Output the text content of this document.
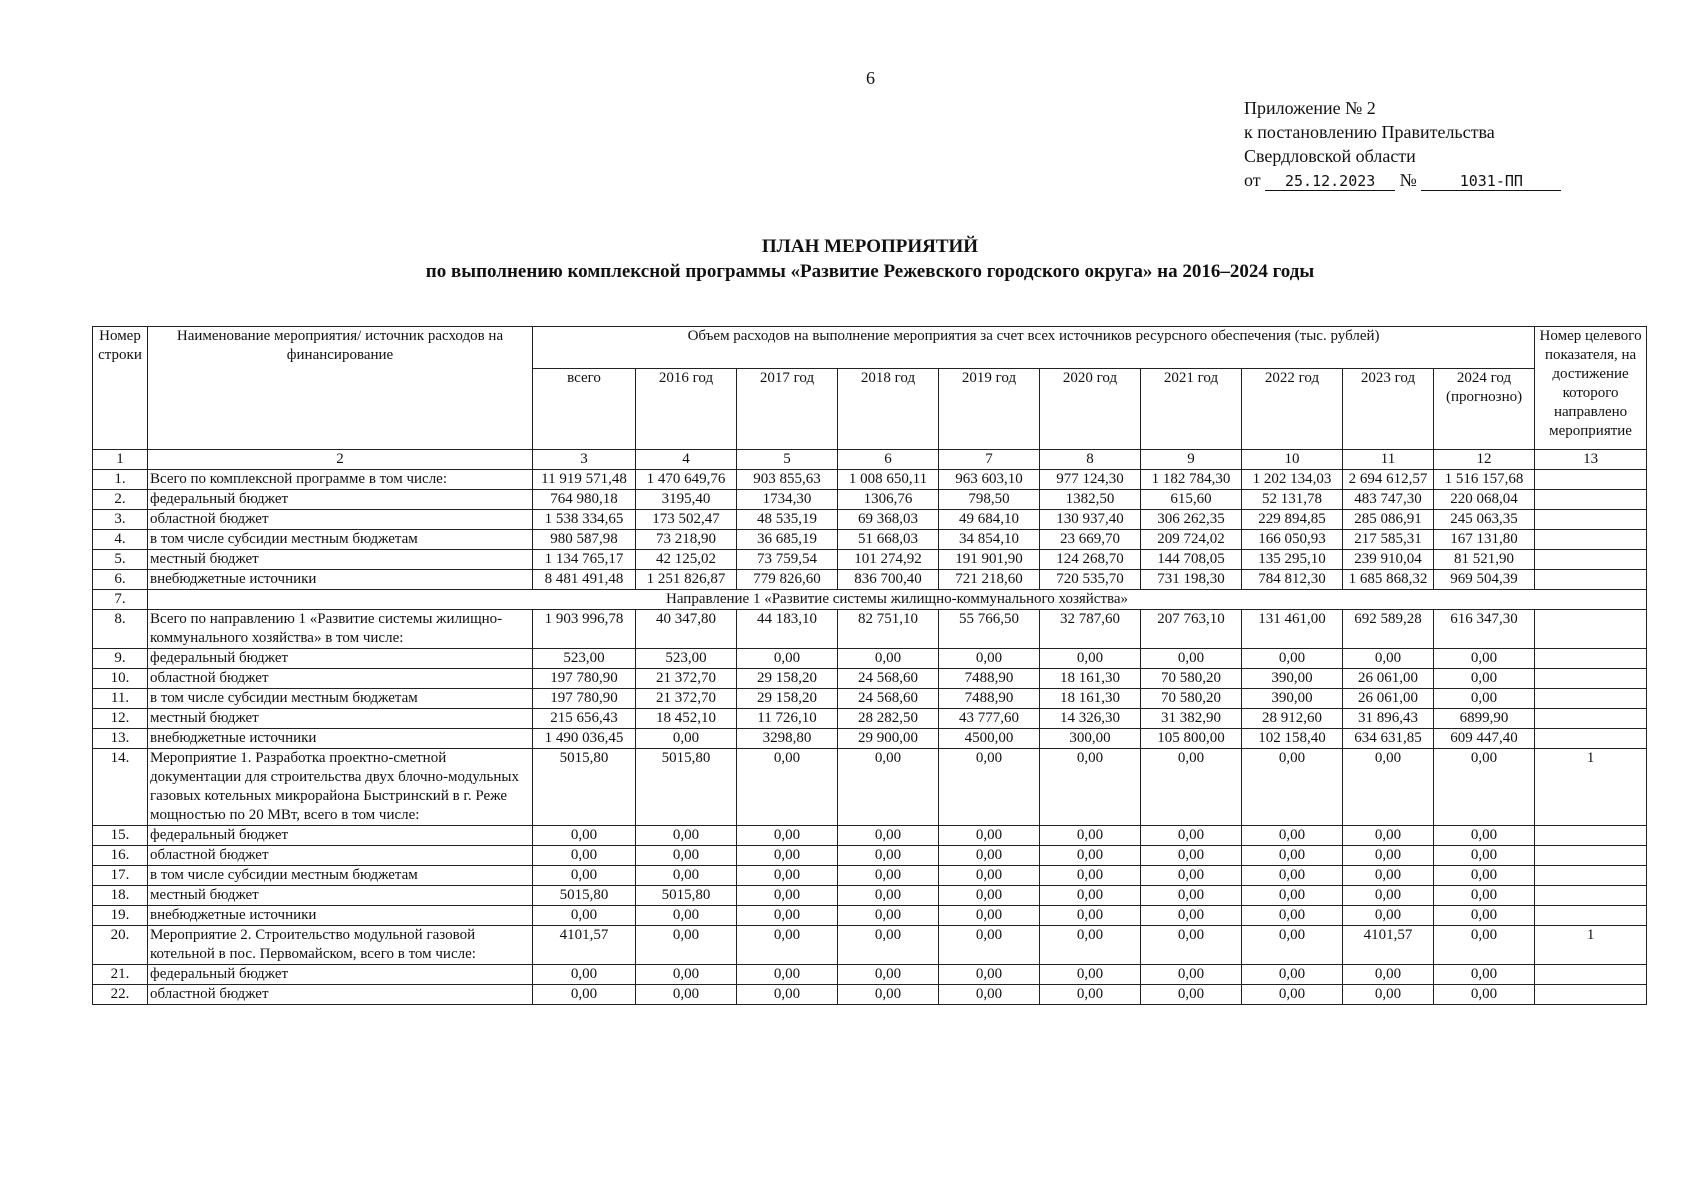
6
Приложение № 2
к постановлению Правительства
Свердловской области
от 25.12.2023 №	1031-ПП
ПЛАН МЕРОПРИЯТИЙ
по выполнению комплексной программы «Развитие Режевского городского округа» на 2016–2024 годы
Номер строки	Наименование мероприятия/ источник расходов на финансирование	Объем расходов на выполнение мероприятия за счет всех источников ресурсного обеспечения (тыс. рублей)										Номер целевого показателя, на достижение которого направлено мероприятие
		всего	2016 год	2017 год	2018 год	2019 год	2020 год	2021 год	2022 год	2023 год	2024 год (прогнозно)	
1	2	3	4	5	6	7	8	9	10	11	12	13
1.	Всего по комплексной программе в том числе:	11 919 571,48	1 470 649,76	903 855,63	1 008 650,11	963 603,10	977 124,30	1 182 784,30	1 202 134,03	2 694 612,57	1 516 157,68	
2.	федеральный бюджет	764 980,18	3195,40	1734,30	1306,76	798,50	1382,50	615,60	52 131,78	483 747,30	220 068,04	
3.	областной бюджет	1 538 334,65	173 502,47	48 535,19	69 368,03	49 684,10	130 937,40	306 262,35	229 894,85	285 086,91	245 063,35	
4.	в том числе субсидии местным бюджетам	980 587,98	73 218,90	36 685,19	51 668,03	34 854,10	23 669,70	209 724,02	166 050,93	217 585,31	167 131,80	
5.	местный бюджет	1 134 765,17	42 125,02	73 759,54	101 274,92	191 901,90	124 268,70	144 708,05	135 295,10	239 910,04	81 521,90	
6.	внебюджетные источники	8 481 491,48	1 251 826,87	779 826,60	836 700,40	721 218,60	720 535,70	731 198,30	784 812,30	1 685 868,32	969 504,39	
7.	Направление 1 «Развитие системы жилищно-коммунального хозяйства»											
8.	Всего по направлению 1 «Развитие системы жилищно-коммунального хозяйства» в том числе:	1 903 996,78	40 347,80	44 183,10	82 751,10	55 766,50	32 787,60	207 763,10	131 461,00	692 589,28	616 347,30	
9.	федеральный бюджет	523,00	523,00	0,00	0,00	0,00	0,00	0,00	0,00	0,00	0,00	
10.	областной бюджет	197 780,90	21 372,70	29 158,20	24 568,60	7488,90	18 161,30	70 580,20	390,00	26 061,00	0,00	
11.	в том числе субсидии местным бюджетам	197 780,90	21 372,70	29 158,20	24 568,60	7488,90	18 161,30	70 580,20	390,00	26 061,00	0,00	
12.	местный бюджет	215 656,43	18 452,10	11 726,10	28 282,50	43 777,60	14 326,30	31 382,90	28 912,60	31 896,43	6899,90	
13.	внебюджетные источники	1 490 036,45	0,00	3298,80	29 900,00	4500,00	300,00	105 800,00	102 158,40	634 631,85	609 447,40	
14.	Мероприятие 1. Разработка проектно-сметной документации для строительства двух блочно-модульных газовых котельных микрорайона Быстринский в г. Реже мощностью по 20 МВт, всего в том числе:	5015,80	5015,80	0,00	0,00	0,00	0,00	0,00	0,00	0,00	0,00	1
15.	федеральный бюджет	0,00	0,00	0,00	0,00	0,00	0,00	0,00	0,00	0,00	0,00	
16.	областной бюджет	0,00	0,00	0,00	0,00	0,00	0,00	0,00	0,00	0,00	0,00	
17.	в том числе субсидии местным бюджетам	0,00	0,00	0,00	0,00	0,00	0,00	0,00	0,00	0,00	0,00	
18.	местный бюджет	5015,80	5015,80	0,00	0,00	0,00	0,00	0,00	0,00	0,00	0,00	
19.	внебюджетные источники	0,00	0,00	0,00	0,00	0,00	0,00	0,00	0,00	0,00	0,00	
20.	Мероприятие 2. Строительство модульной газовой котельной в пос. Первомайском, всего в том числе:	4101,57	0,00	0,00	0,00	0,00	0,00	0,00	0,00	4101,57	0,00	1
21.	федеральный бюджет	0,00	0,00	0,00	0,00	0,00	0,00	0,00	0,00	0,00	0,00	
22.	областной бюджет	0,00	0,00	0,00	0,00	0,00	0,00	0,00	0,00	0,00	0,00	
